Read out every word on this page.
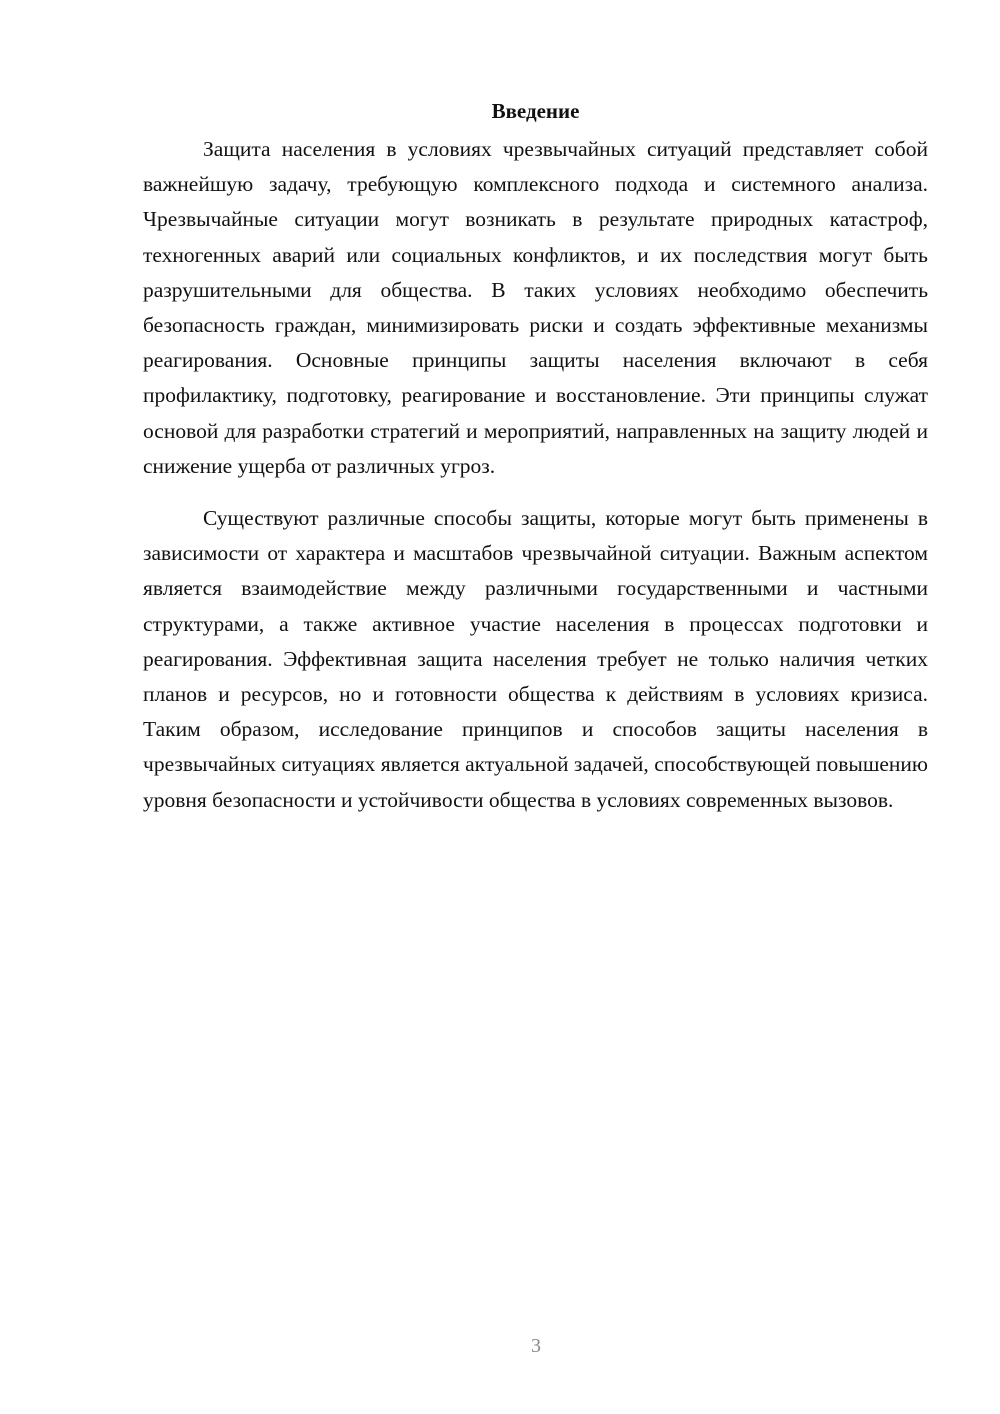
Введение

Защита населения в условиях чрезвычайных ситуаций представляет собой важнейшую задачу, требующую комплексного подхода и системного анализа. Чрезвычайные ситуации могут возникать в результате природных катастроф, техногенных аварий или социальных конфликтов, и их последствия могут быть разрушительными для общества. В таких условиях необходимо обеспечить безопасность граждан, минимизировать риски и создать эффективные механизмы реагирования. Основные принципы защиты населения включают в себя профилактику, подготовку, реагирование и восстановление. Эти принципы служат основой для разработки стратегий и мероприятий, направленных на защиту людей и снижение ущерба от различных угроз.

Существуют различные способы защиты, которые могут быть применены в зависимости от характера и масштабов чрезвычайной ситуации. Важным аспектом является взаимодействие между различными государственными и частными структурами, а также активное участие населения в процессах подготовки и реагирования. Эффективная защита населения требует не только наличия четких планов и ресурсов, но и готовности общества к действиям в условиях кризиса. Таким образом, исследование принципов и способов защиты населения в чрезвычайных ситуациях является актуальной задачей, способствующей повышению уровня безопасности и устойчивости общества в условиях современных вызовов.

3
